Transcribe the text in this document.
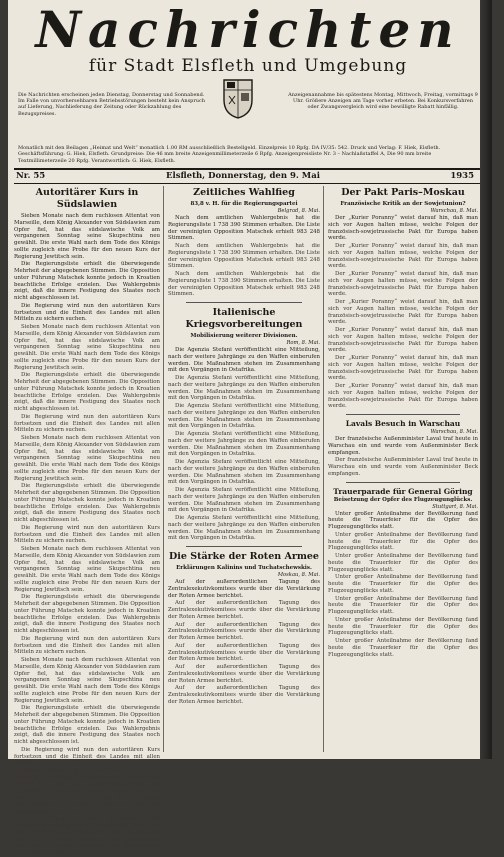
Nachrichten
für Stadt Elsfleth und Umgebung
Die Nachrichten erscheinen jeden Dienstag, Donnerstag und Sonnabend. Im Falle von unvorhersehbaren Betriebsstörungen besteht kein Anspruch auf Lieferung, Nachlieferung der Zeitung oder Rückzahlung des Bezugspreises.
Anzeigenannahme bis spätestens Montag, Mittwoch, Freitag, vormittags 9 Uhr. Größere Anzeigen am Tage vorher erbeten. Bei Konkursverfahren oder Zwangsvergleich wird eine bewilligte Rabatt hinfällig.
Monatlich mit den Beilagen „Heimat und Welt“ monatlich 1.00 RM ausschließlich Bestellgeld. Einzelpreis 10 Rpfg. DA IV/35: 542. Druck und Verlag: F. Hiek, Elsfleth. Geschäftsführung: G. Hiek, Elsfleth. Grundpreise: Die 46 mm breite Anzeigenmillimeterzeile 6 Rpfg. Anzeigenpreisliste Nr. 3 – Nachlaßstaffel A, Die 90 mm breite Textmillimeterzeile 20 Rpfg. Verantwortlich: G. Hiek, Elsfleth.
Nr. 55	Elsfleth, Donnerstag, den 9. Mai	1935
Autoritärer Kurs in Südslawien

Sieben Monate nach dem ruchlosen Attentat von Marseille, dem König Alexander von Südslawien zum Opfer fiel, hat das südslawische Volk am vergangenen Sonntag seine Skupschtina neu gewählt. Die erste Wahl nach dem Tode des Königs sollte zugleich eine Probe für den neuen Kurs der Regierung Jewtitsch sein.

Die Regierungsliste erhielt die überwiegende Mehrheit der abgegebenen Stimmen. Die Opposition unter Führung Matschek konnte jedoch in Kroatien beachtliche Erfolge erzielen. Das Wahlergebnis zeigt, daß die innere Festigung des Staates noch nicht abgeschlossen ist.

Die Regierung wird nun den autoritären Kurs fortsetzen und die Einheit des Landes mit allen Mitteln zu sichern suchen.

Sieben Monate nach dem ruchlosen Attentat von Marseille, dem König Alexander von Südslawien zum Opfer fiel, hat das südslawische Volk am vergangenen Sonntag seine Skupschtina neu gewählt. Die erste Wahl nach dem Tode des Königs sollte zugleich eine Probe für den neuen Kurs der Regierung Jewtitsch sein.

Die Regierungsliste erhielt die überwiegende Mehrheit der abgegebenen Stimmen. Die Opposition unter Führung Matschek konnte jedoch in Kroatien beachtliche Erfolge erzielen. Das Wahlergebnis zeigt, daß die innere Festigung des Staates noch nicht abgeschlossen ist.

Die Regierung wird nun den autoritären Kurs fortsetzen und die Einheit des Landes mit allen Mitteln zu sichern suchen.

Sieben Monate nach dem ruchlosen Attentat von Marseille, dem König Alexander von Südslawien zum Opfer fiel, hat das südslawische Volk am vergangenen Sonntag seine Skupschtina neu gewählt. Die erste Wahl nach dem Tode des Königs sollte zugleich eine Probe für den neuen Kurs der Regierung Jewtitsch sein.

Die Regierungsliste erhielt die überwiegende Mehrheit der abgegebenen Stimmen. Die Opposition unter Führung Matschek konnte jedoch in Kroatien beachtliche Erfolge erzielen. Das Wahlergebnis zeigt, daß die innere Festigung des Staates noch nicht abgeschlossen ist.

Die Regierung wird nun den autoritären Kurs fortsetzen und die Einheit des Landes mit allen Mitteln zu sichern suchen.

Sieben Monate nach dem ruchlosen Attentat von Marseille, dem König Alexander von Südslawien zum Opfer fiel, hat das südslawische Volk am vergangenen Sonntag seine Skupschtina neu gewählt. Die erste Wahl nach dem Tode des Königs sollte zugleich eine Probe für den neuen Kurs der Regierung Jewtitsch sein.

Die Regierungsliste erhielt die überwiegende Mehrheit der abgegebenen Stimmen. Die Opposition unter Führung Matschek konnte jedoch in Kroatien beachtliche Erfolge erzielen. Das Wahlergebnis zeigt, daß die innere Festigung des Staates noch nicht abgeschlossen ist.

Die Regierung wird nun den autoritären Kurs fortsetzen und die Einheit des Landes mit allen Mitteln zu sichern suchen.

Sieben Monate nach dem ruchlosen Attentat von Marseille, dem König Alexander von Südslawien zum Opfer fiel, hat das südslawische Volk am vergangenen Sonntag seine Skupschtina neu gewählt. Die erste Wahl nach dem Tode des Königs sollte zugleich eine Probe für den neuen Kurs der Regierung Jewtitsch sein.

Die Regierungsliste erhielt die überwiegende Mehrheit der abgegebenen Stimmen. Die Opposition unter Führung Matschek konnte jedoch in Kroatien beachtliche Erfolge erzielen. Das Wahlergebnis zeigt, daß die innere Festigung des Staates noch nicht abgeschlossen ist.

Die Regierung wird nun den autoritären Kurs fortsetzen und die Einheit des Landes mit allen Mitteln zu sichern suchen.

Sieben Monate nach dem ruchlosen Attentat von Marseille, dem König Alexander von Südslawien zum Opfer fiel, hat das südslawische Volk am vergangenen Sonntag seine Skupschtina neu gewählt. Die erste Wahl nach dem Tode des Königs sollte zugleich eine Probe für den neuen Kurs der Regierung Jewtitsch sein.

Die Regierungsliste erhielt die überwiegende Mehrheit der abgegebenen Stimmen. Die Opposition unter Führung Matschek konnte jedoch in Kroatien beachtliche Erfolge erzielen. Das Wahlergebnis zeigt, daß die innere Festigung des Staates noch nicht abgeschlossen ist.

Zeitliches Wahlfieg
83,8 v. H. für die Regierungspartei
Belgrad, 8. Mai.

Nach dem amtlichen Wahlergebnis hat die Regierungsliste 1 738 390 Stimmen erhalten. Die Liste der vereinigten Opposition Matschek erhielt 983 248 Stimmen.

Nach dem amtlichen Wahlergebnis hat die Regierungsliste 1 738 390 Stimmen erhalten. Die Liste der vereinigten Opposition Matschek erhielt 983 248 Stimmen.

Nach dem amtlichen Wahlergebnis hat die Regierungsliste 1 738 390 Stimmen erhalten. Die Liste der vereinigten Opposition Matschek erhielt 983 248 Stimmen.

Italienische Kriegsvorbereitungen
Mobilisierung weiterer Divisionen.
Rom, 8. Mai.

Die Agenzia Stefani veröffentlicht eine Mitteilung, nach der weitere Jahrgänge zu den Waffen einberufen werden. Die Maßnahmen stehen im Zusammenhang mit den Vorgängen in Ostafrika.

Die Agenzia Stefani veröffentlicht eine Mitteilung, nach der weitere Jahrgänge zu den Waffen einberufen werden. Die Maßnahmen stehen im Zusammenhang mit den Vorgängen in Ostafrika.

Die Agenzia Stefani veröffentlicht eine Mitteilung, nach der weitere Jahrgänge zu den Waffen einberufen werden. Die Maßnahmen stehen im Zusammenhang mit den Vorgängen in Ostafrika.

Die Agenzia Stefani veröffentlicht eine Mitteilung, nach der weitere Jahrgänge zu den Waffen einberufen werden. Die Maßnahmen stehen im Zusammenhang mit den Vorgängen in Ostafrika.

Die Agenzia Stefani veröffentlicht eine Mitteilung, nach der weitere Jahrgänge zu den Waffen einberufen werden. Die Maßnahmen stehen im Zusammenhang mit den Vorgängen in Ostafrika.

Die Agenzia Stefani veröffentlicht eine Mitteilung, nach der weitere Jahrgänge zu den Waffen einberufen werden. Die Maßnahmen stehen im Zusammenhang mit den Vorgängen in Ostafrika.

Die Agenzia Stefani veröffentlicht eine Mitteilung, nach der weitere Jahrgänge zu den Waffen einberufen werden. Die Maßnahmen stehen im Zusammenhang mit den Vorgängen in Ostafrika.

Die Stärke der Roten Armee
Erklärungen Kalinins und Tuchatschewskis.
Moskau, 8. Mai.

Auf der außerordentlichen Tagung des Zentralexekutivkomitees wurde über die Verstärkung der Roten Armee berichtet.

Auf der außerordentlichen Tagung des Zentralexekutivkomitees wurde über die Verstärkung der Roten Armee berichtet.

Auf der außerordentlichen Tagung des Zentralexekutivkomitees wurde über die Verstärkung der Roten Armee berichtet.

Auf der außerordentlichen Tagung des Zentralexekutivkomitees wurde über die Verstärkung der Roten Armee berichtet.

Auf der außerordentlichen Tagung des Zentralexekutivkomitees wurde über die Verstärkung der Roten Armee berichtet.

Auf der außerordentlichen Tagung des Zentralexekutivkomitees wurde über die Verstärkung der Roten Armee berichtet.

Der Pakt Paris–Moskau
Französische Kritik an der Sowjetunion?
Warschau, 8. Mai.

Der „Kurier Poranny“ weist darauf hin, daß man sich vor Augen halten müsse, welche Folgen der französisch-sowjetrussische Pakt für Europa haben werde.

Der „Kurier Poranny“ weist darauf hin, daß man sich vor Augen halten müsse, welche Folgen der französisch-sowjetrussische Pakt für Europa haben werde.

Der „Kurier Poranny“ weist darauf hin, daß man sich vor Augen halten müsse, welche Folgen der französisch-sowjetrussische Pakt für Europa haben werde.

Der „Kurier Poranny“ weist darauf hin, daß man sich vor Augen halten müsse, welche Folgen der französisch-sowjetrussische Pakt für Europa haben werde.

Der „Kurier Poranny“ weist darauf hin, daß man sich vor Augen halten müsse, welche Folgen der französisch-sowjetrussische Pakt für Europa haben werde.

Der „Kurier Poranny“ weist darauf hin, daß man sich vor Augen halten müsse, welche Folgen der französisch-sowjetrussische Pakt für Europa haben werde.

Der „Kurier Poranny“ weist darauf hin, daß man sich vor Augen halten müsse, welche Folgen der französisch-sowjetrussische Pakt für Europa haben werde.

Lavals Besuch in Warschau
Warschau, 8. Mai.

Der französische Außenminister Laval traf heute in Warschau ein und wurde vom Außenminister Beck empfangen.

Der französische Außenminister Laval traf heute in Warschau ein und wurde vom Außenminister Beck empfangen.

Trauerparade für General Göring
Beisetzung der Opfer des Flugzeugunglücks.
Stuttgart, 8. Mai.

Unter großer Anteilnahme der Bevölkerung fand heute die Trauerfeier für die Opfer des Flugzeugunglücks statt.

Unter großer Anteilnahme der Bevölkerung fand heute die Trauerfeier für die Opfer des Flugzeugunglücks statt.

Unter großer Anteilnahme der Bevölkerung fand heute die Trauerfeier für die Opfer des Flugzeugunglücks statt.

Unter großer Anteilnahme der Bevölkerung fand heute die Trauerfeier für die Opfer des Flugzeugunglücks statt.

Unter großer Anteilnahme der Bevölkerung fand heute die Trauerfeier für die Opfer des Flugzeugunglücks statt.

Unter großer Anteilnahme der Bevölkerung fand heute die Trauerfeier für die Opfer des Flugzeugunglücks statt.

Unter großer Anteilnahme der Bevölkerung fand heute die Trauerfeier für die Opfer des Flugzeugunglücks statt.
